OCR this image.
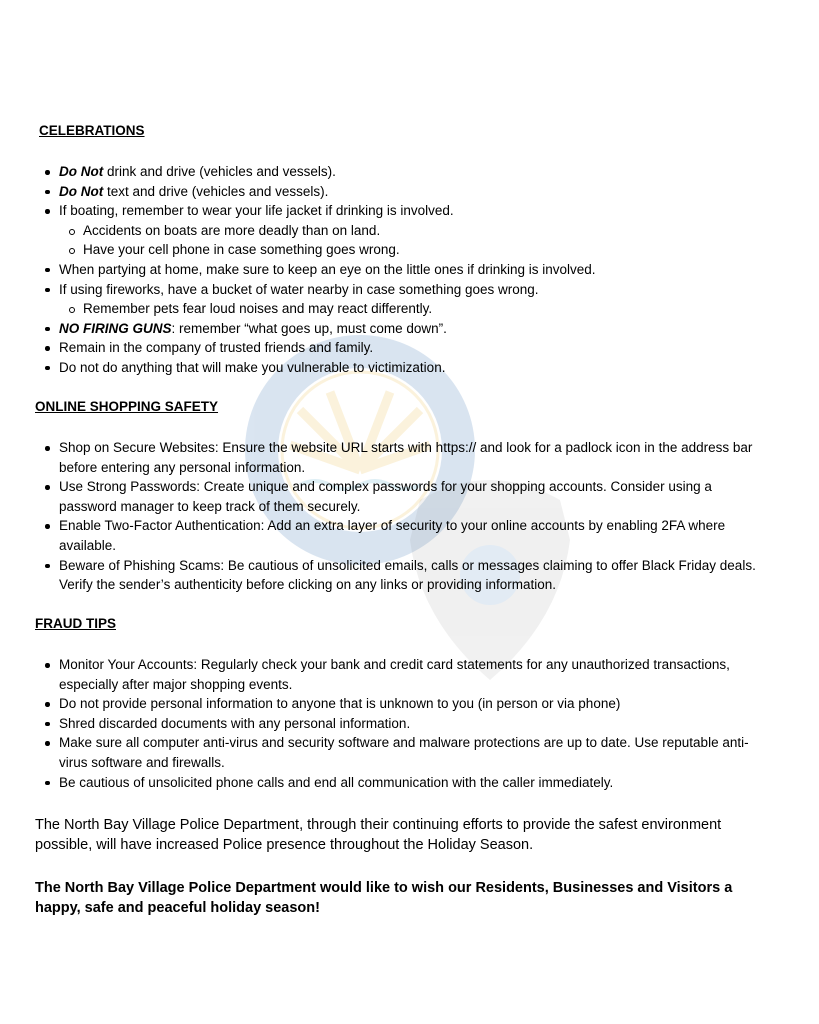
CELEBRATIONS
Do Not drink and drive (vehicles and vessels).
Do Not text and drive (vehicles and vessels).
If boating, remember to wear your life jacket if drinking is involved.
Accidents on boats are more deadly than on land.
Have your cell phone in case something goes wrong.
When partying at home, make sure to keep an eye on the little ones if drinking is involved.
If using fireworks, have a bucket of water nearby in case something goes wrong.
Remember pets fear loud noises and may react differently.
NO FIRING GUNS: remember “what goes up, must come down”.
Remain in the company of trusted friends and family.
Do not do anything that will make you vulnerable to victimization.
ONLINE SHOPPING SAFETY
Shop on Secure Websites: Ensure the website URL starts with https:// and look for a padlock icon in the address bar before entering any personal information.
Use Strong Passwords: Create unique and complex passwords for your shopping accounts. Consider using a password manager to keep track of them securely.
Enable Two-Factor Authentication: Add an extra layer of security to your online accounts by enabling 2FA where available.
Beware of Phishing Scams: Be cautious of unsolicited emails, calls or messages claiming to offer Black Friday deals. Verify the sender’s authenticity before clicking on any links or providing information.
FRAUD TIPS
Monitor Your Accounts: Regularly check your bank and credit card statements for any unauthorized transactions, especially after major shopping events.
Do not provide personal information to anyone that is unknown to you (in person or via phone)
Shred discarded documents with any personal information.
Make sure all computer anti-virus and security software and malware protections are up to date. Use reputable anti-virus software and firewalls.
Be cautious of unsolicited phone calls and end all communication with the caller immediately.
The North Bay Village Police Department, through their continuing efforts to provide the safest environment possible, will have increased Police presence throughout the Holiday Season.
The North Bay Village Police Department would like to wish our Residents, Businesses and Visitors a happy, safe and peaceful holiday season!
